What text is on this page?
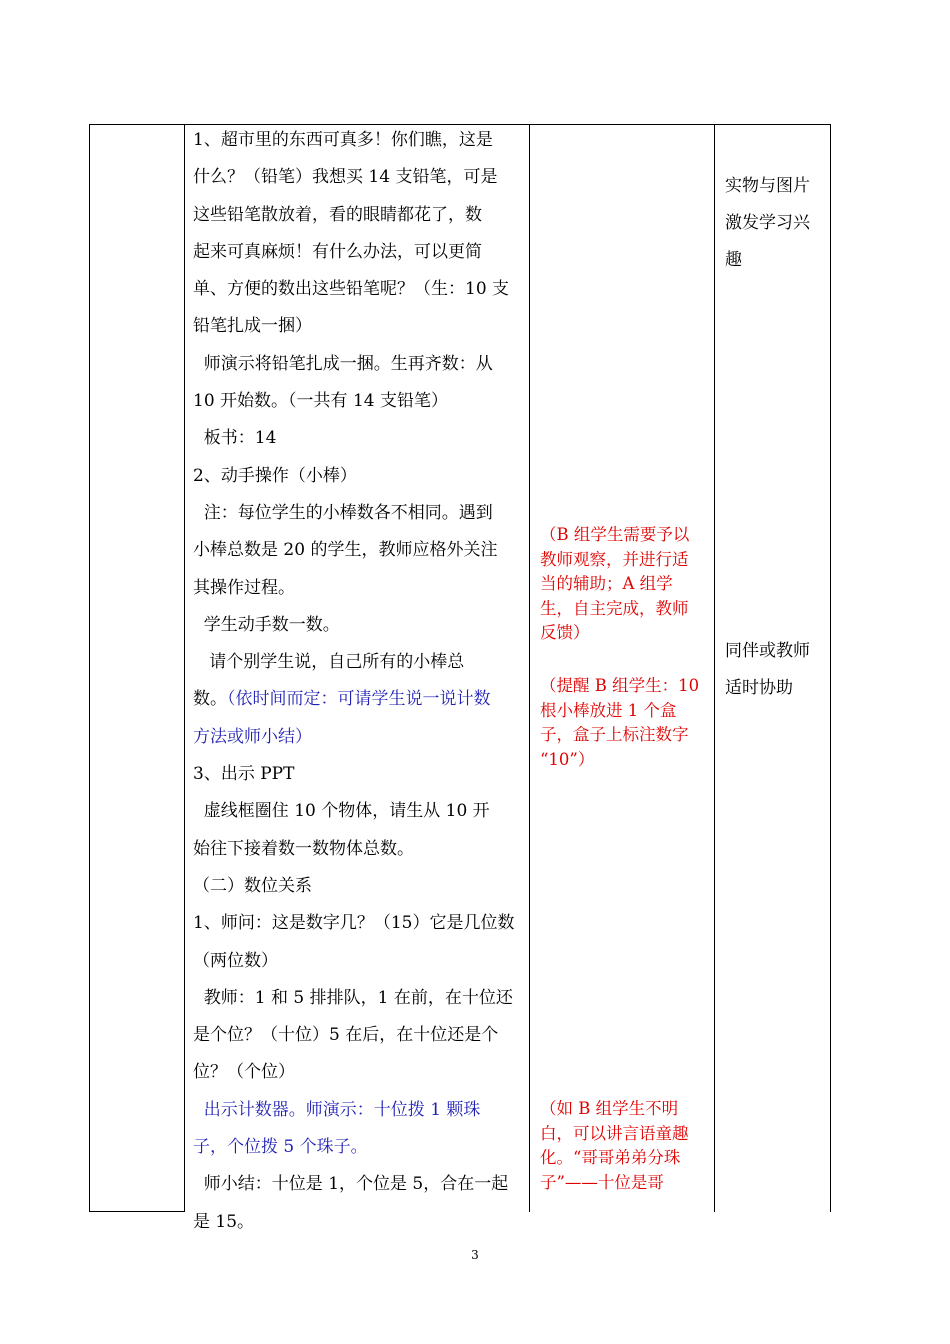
1、超市里的东西可真多！你们瞧，这是

什么？（铅笔）我想买 14 支铅笔，可是

这些铅笔散放着，看的眼睛都花了，数

起来可真麻烦！有什么办法，可以更简

单、方便的数出这些铅笔呢？（生：10 支

铅笔扎成一捆）

师演示将铅笔扎成一捆。生再齐数：从

10 开始数。（一共有 14 支铅笔）

板书：14

2、动手操作（小棒）

注：每位学生的小棒数各不相同。遇到

小棒总数是 20 的学生，教师应格外关注

其操作过程。

学生动手数一数。

请个别学生说，自己所有的小棒总

数。（依时间而定：可请学生说一说计数

方法或师小结）

3、出示 PPT

虚线框圈住 10 个物体，请生从 10 开

始往下接着数一数物体总数。

（二）数位关系

1、师问：这是数字几？（15）它是几位数

（两位数）

教师：1 和 5 排排队，1 在前，在十位还

是个位？（十位）5 在后，在十位还是个

位？（个位）

出示计数器。师演示：十位拨 1 颗珠

子，个位拨 5 个珠子。

师小结：十位是 1，个位是 5，合在一起

是 15。

（B 组学生需要予以

教师观察，并进行适

当的辅助；A 组学

生，自主完成，教师

反馈）

（提醒 B 组学生：10

根小棒放进 1 个盒

子，盒子上标注数字

“10”）

（如 B 组学生不明

白，可以讲言语童趣

化。“哥哥弟弟分珠

子”——十位是哥

实物与图片

激发学习兴

趣

同伴或教师

适时协助

3
